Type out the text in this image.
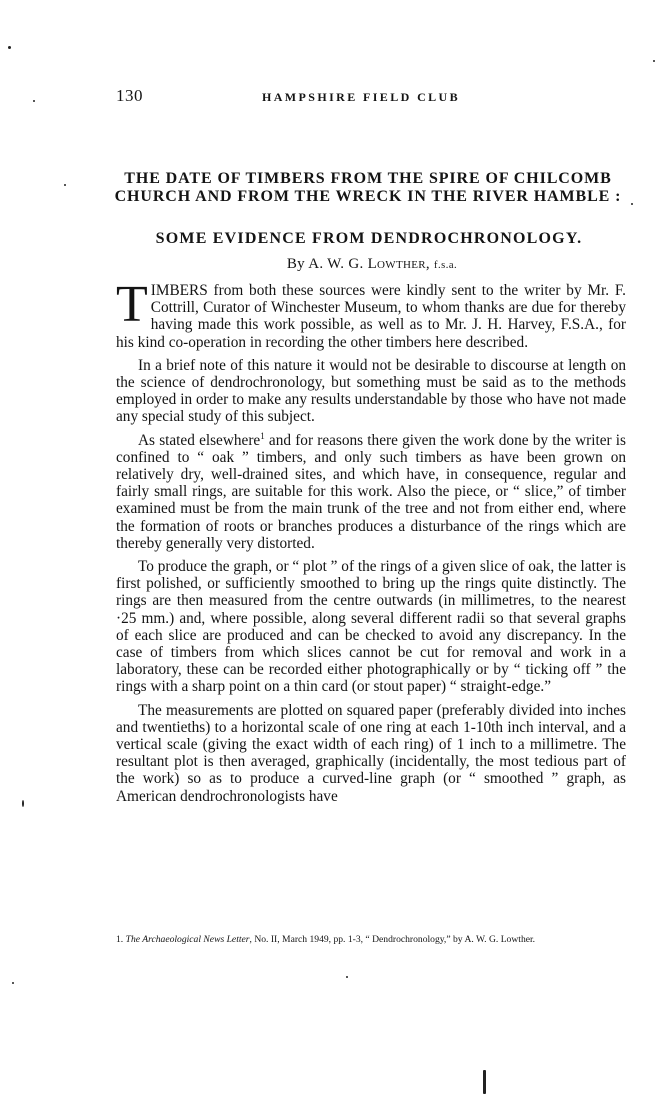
130	HAMPSHIRE FIELD CLUB
THE DATE OF TIMBERS FROM THE SPIRE OF CHILCOMB CHURCH AND FROM THE WRECK IN THE RIVER HAMBLE :
SOME EVIDENCE FROM DENDROCHRONOLOGY.
By A. W. G. Lowther, f.s.a.

TIMBERS from both these sources were kindly sent to the writer by Mr. F. Cottrill, Curator of Winchester Museum, to whom thanks are due for thereby having made this work possible, as well as to Mr. J. H. Harvey, F.S.A., for his kind co-operation in recording the other timbers here described.

In a brief note of this nature it would not be desirable to discourse at length on the science of dendrochronology, but something must be said as to the methods employed in order to make any results understandable by those who have not made any special study of this subject.

As stated elsewhere$^1$ and for reasons there given the work done by the writer is confined to “ oak ” timbers, and only such timbers as have been grown on relatively dry, well-drained sites, and which have, in consequence, regular and fairly small rings, are suitable for this work. Also the piece, or “ slice,” of timber examined must be from the main trunk of the tree and not from either end, where the formation of roots or branches produces a disturbance of the rings which are thereby generally very distorted.

To produce the graph, or “ plot ” of the rings of a given slice of oak, the latter is first polished, or sufficiently smoothed to bring up the rings quite distinctly. The rings are then measured from the centre outwards (in millimetres, to the nearest ·25 mm.) and, where possible, along several different radii so that several graphs of each slice are produced and can be checked to avoid any discrepancy. In the case of timbers from which slices cannot be cut for removal and work in a laboratory, these can be recorded either photographically or by “ ticking off ” the rings with a sharp point on a thin card (or stout paper) “ straight-edge.”

The measurements are plotted on squared paper (preferably divided into inches and twentieths) to a horizontal scale of one ring at each 1-10th inch interval, and a vertical scale (giving the exact width of each ring) of 1 inch to a millimetre. The resultant plot is then averaged, graphically (incidentally, the most tedious part of the work) so as to produce a curved-line graph (or “ smoothed ” graph, as American dendrochronologists have

1. The Archaeological News Letter, No. II, March 1949, pp. 1-3, “ Dendrochronology,” by A. W. G. Lowther.
